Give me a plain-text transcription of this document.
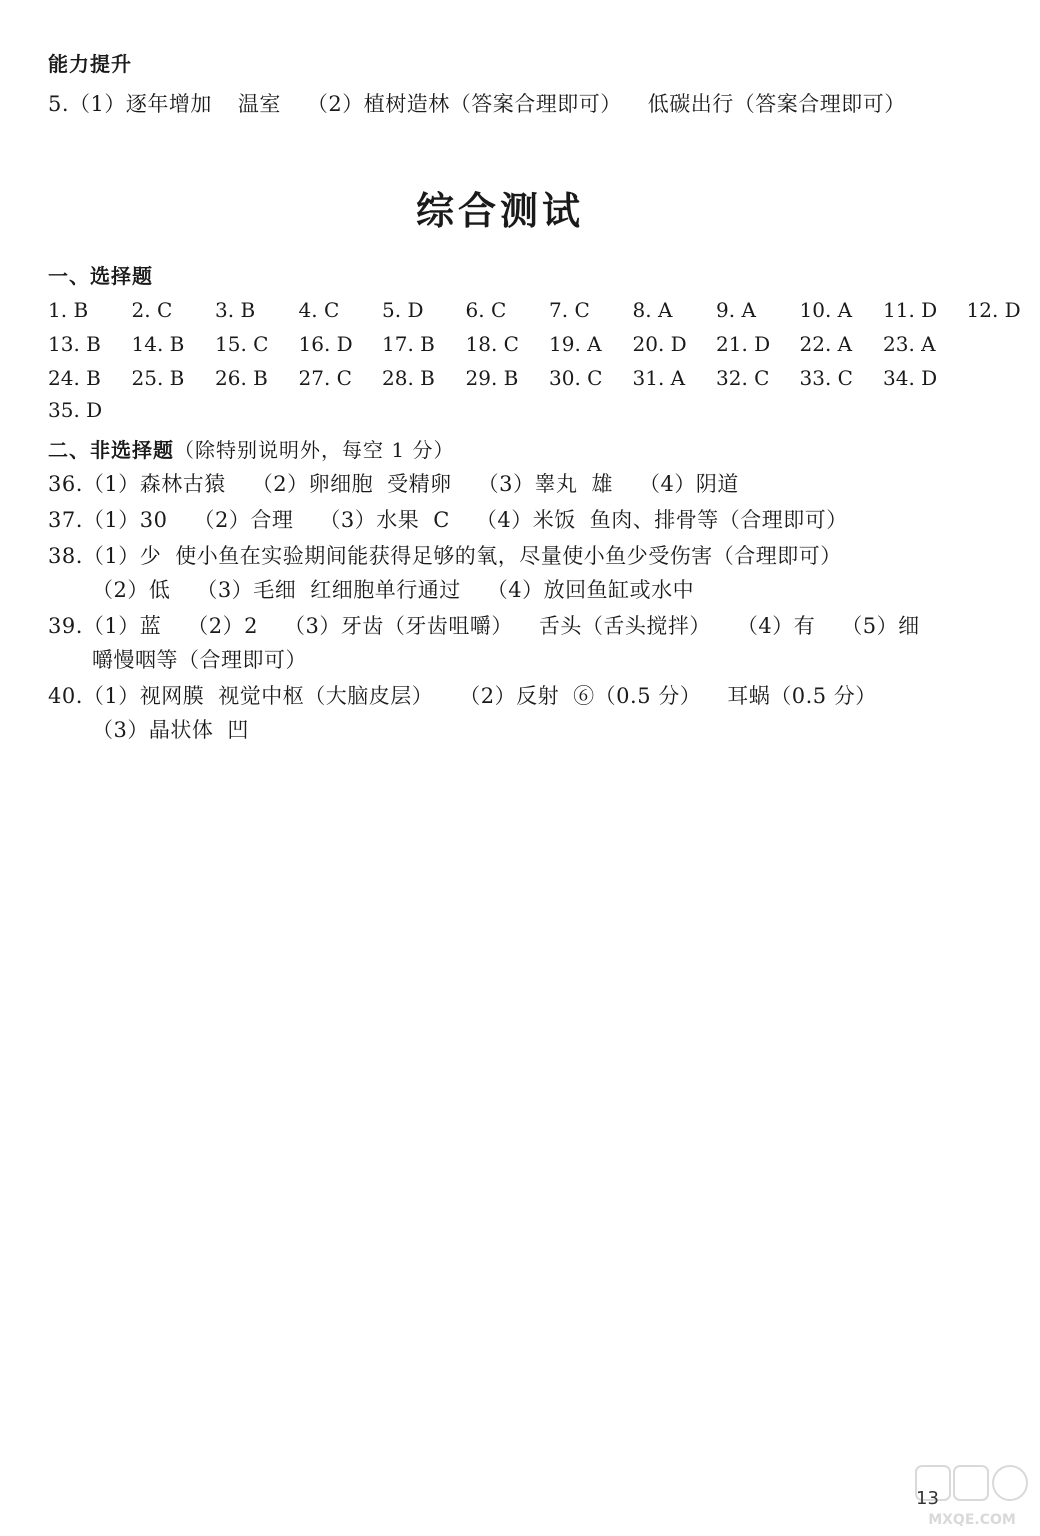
能力提升
5.（1）逐年增加 温室 （2）植树造林（答案合理即可） 低碳出行（答案合理即可）
综合测试
一、选择题
1. B 2. C 3. B 4. C 5. D 6. C 7. C 8. A 9. A 10. A 11. D 12. D
13. B 14. B 15. C 16. D 17. B 18. C 19. A 20. D 21. D 22. A 23. A
24. B 25. B 26. B 27. C 28. B 29. B 30. C 31. A 32. C 33. C 34. D
35. D
二、非选择题（除特别说明外，每空 1 分）
36.（1）森林古猿 （2）卵细胞 受精卵 （3）睾丸 雄 （4）阴道
37.（1）30 （2）合理 （3）水果 C （4）米饭 鱼肉、排骨等（合理即可）
38.（1）少 使小鱼在实验期间能获得足够的氧，尽量使小鱼少受伤害（合理即可）
（2）低 （3）毛细 红细胞单行通过 （4）放回鱼缸或水中
39.（1）蓝 （2）2 （3）牙齿（牙齿咀嚼） 舌头（舌头搅拌） （4）有 （5）细
嚼慢咽等（合理即可）
40.（1）视网膜 视觉中枢（大脑皮层） （2）反射 ⑥（0.5 分） 耳蜗（0.5 分）
（3）晶状体 凹
13
MXQE.COM
